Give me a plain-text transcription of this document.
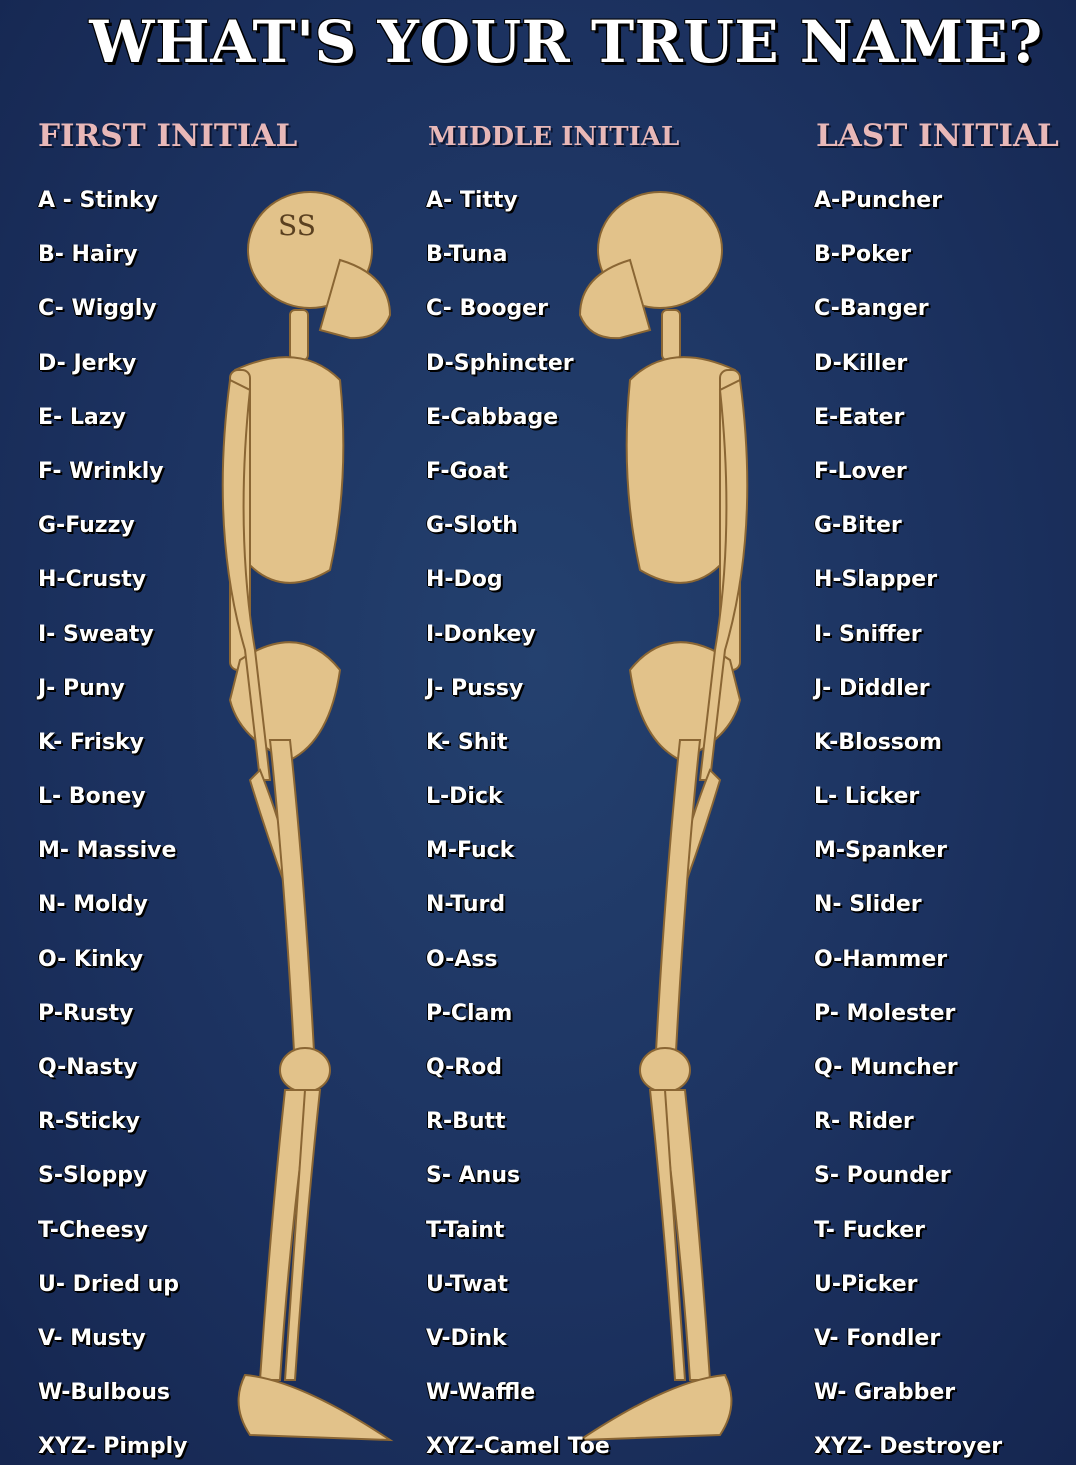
WHAT'S YOUR TRUE NAME?
FIRST INITIAL	MIDDLE INITIAL	LAST INITIAL
SS
A - Stinky
B- Hairy
C- Wiggly
D- Jerky
E- Lazy
F- Wrinkly
G-Fuzzy
H-Crusty
I- Sweaty
J- Puny
K- Frisky
L- Boney
M- Massive
N- Moldy
O- Kinky
P-Rusty
Q-Nasty
R-Sticky
S-Sloppy
T-Cheesy
U- Dried up
V- Musty
W-Bulbous
XYZ- Pimply
A- Titty
B-Tuna
C- Booger
D-Sphincter
E-Cabbage
F-Goat
G-Sloth
H-Dog
I-Donkey
J- Pussy
K- Shit
L-Dick
M-Fuck
N-Turd
O-Ass
P-Clam
Q-Rod
R-Butt
S- Anus
T-Taint
U-Twat
V-Dink
W-Waffle
XYZ-Camel Toe
A-Puncher
B-Poker
C-Banger
D-Killer
E-Eater
F-Lover
G-Biter
H-Slapper
I- Sniffer
J- Diddler
K-Blossom
L- Licker
M-Spanker
N- Slider
O-Hammer
P- Molester
Q- Muncher
R- Rider
S- Pounder
T- Fucker
U-Picker
V- Fondler
W- Grabber
XYZ- Destroyer
